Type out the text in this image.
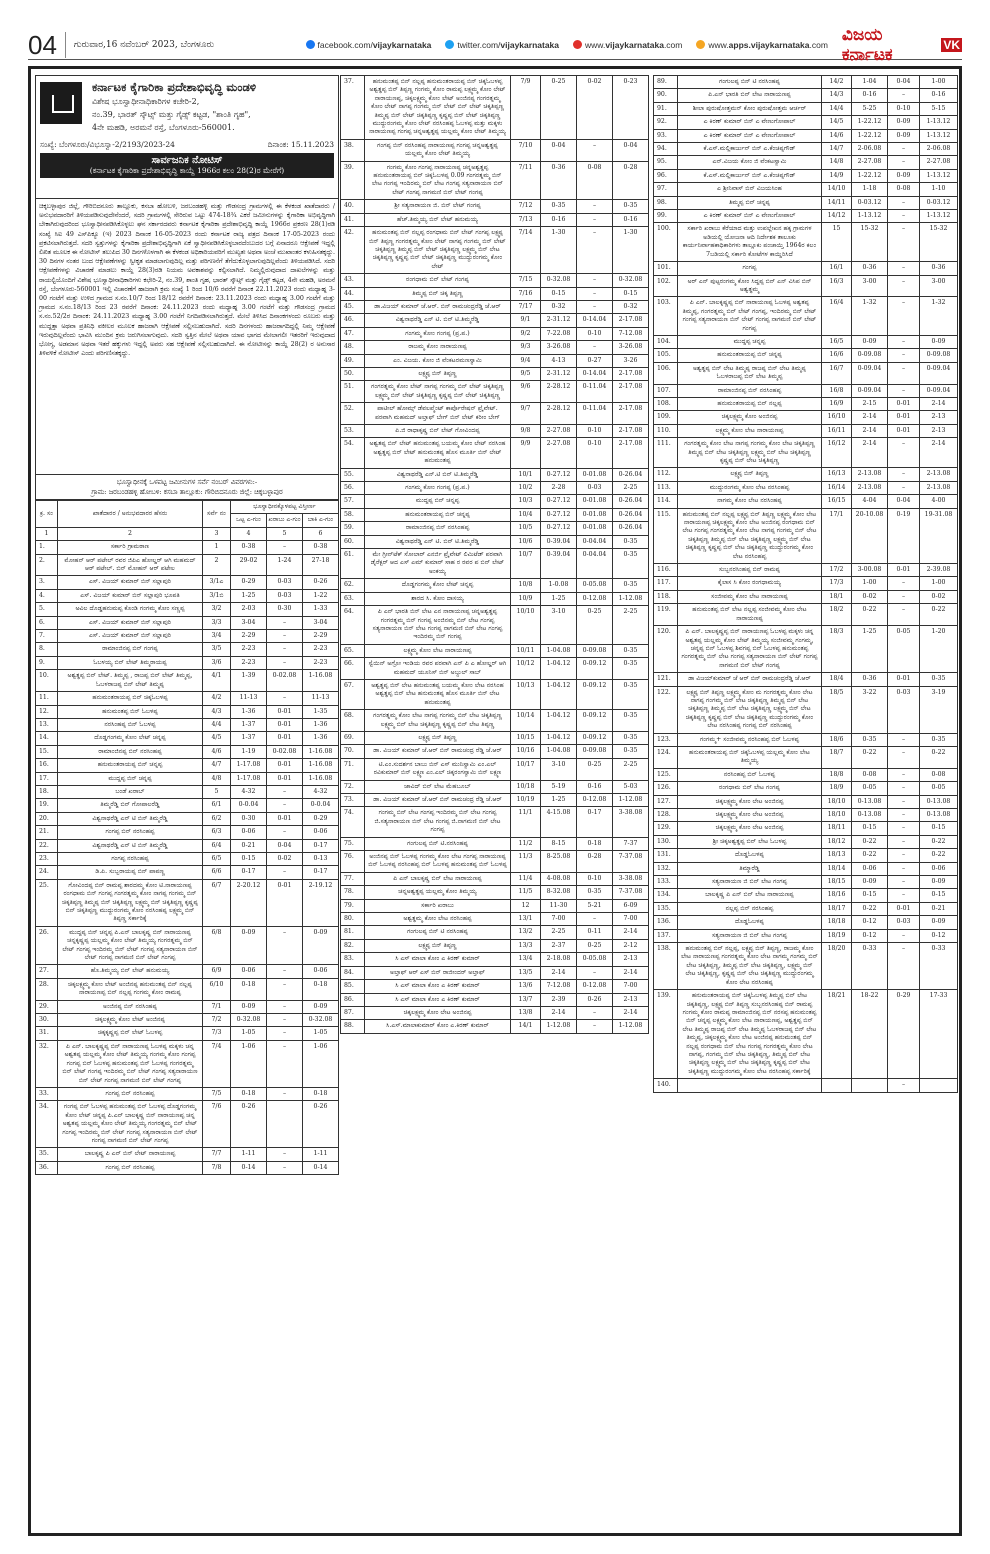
04	ಗುರುವಾರ,16 ನವೆಂಬರ್ 2023, ಬೆಂಗಳೂರು	facebook.com/ vijaykarnataka	twitter.com/ vijaykarnataka	www. vijaykarnataka .com	www. apps.vijaykarnataka .com ವಿಜಯ ಕರ್ನಾಟಕ	VK
ಕರ್ನಾಟಕ ಕೈಗಾರಿಕಾ ಪ್ರದೇಶಾಭಿವೃದ್ಧಿ ಮಂಡಳಿ
ವಿಶೇಷ ಭೂಸ್ವಾಧೀನಾಧಿಕಾರಿಗಳ ಕಚೇರಿ-2,
ನಂ.39, ಭಾರತ್ ಸ್ಕೌಟ್ಸ್ ಮತ್ತು ಗೈಡ್ಸ್ ಕಟ್ಟಡ, "ಶಾಂತಿ ಗೃಹ",
4ನೇ ಮಹಡಿ, ಅರಮನೆ ರಸ್ತೆ, ಬೆಂಗಳೂರು-560001.
ಸಂಖ್ಯೆ: ಬೆಂಗಳೂರು/ವಿಭೂಸ್ವಾ-2/2193/2023-24	ದಿನಾಂಕ: 15.11.2023
ಸಾರ್ವಜನಿಕ ನೋಟಿಸ್
(ಕರ್ನಾಟಕ ಕೈಗಾರಿಕಾ ಪ್ರದೇಶಾಭಿವೃದ್ಧಿ ಕಾಯ್ದೆ 1966ರ ಕಲಂ 28(2)ರ ಮೇರೆಗೆ)
ಚಿಕ್ಕಬಳ್ಳಾಪುರ ಜಿಲ್ಲೆ, ಗೌರಿಬಿದನೂರು ತಾಲ್ಲೂಕು, ಕಸಬಾ ಹೋಬಳಿ, ಜರಬಂಡಹಳ್ಳಿ ಮತ್ತು ಗೌಡಸಂದ್ರ ಗ್ರಾಮಗಳಲ್ಲಿ ಈ ಕೆಳಕಂಡ ಖಾತೆದಾರರು / ಅನುಭವದಾರರಿಗೆ ತಿಳಿಯಪಡಿಸುವುದೇನೆಂದರೆ, ಸದರಿ ಗ್ರಾಮಗಳಲ್ಲಿ ಸೇರಿರುವ ಒಟ್ಟು 474-18¾ ಎಕರೆ ಜಮೀನುಗಳನ್ನು ಕೈಗಾರಿಕಾ ಅಭಿವೃದ್ಧಿಗಾಗಿ ಬೇಕಾಗಿರುವುದರಿಂದ ಭೂಸ್ವಾಧೀನಪಡಿಸಿಕೊಳ್ಳಲು ಘನ ಸರ್ಕಾರದವರು ಕರ್ನಾಟಕ ಕೈಗಾರಿಕಾ ಪ್ರದೇಶಾಭಿವೃದ್ಧಿ ಕಾಯ್ದೆ 1966ರ ಪ್ರಕರಣ 28(1)ರಡಿ ಸಂಖ್ಯೆ ಸಿಐ 49 ಎಸ್‌ಪಿಕ್ಯೂ (ಇ) 2023 ದಿನಾಂಕ 16-05-2023 ರಂದು ಕರ್ನಾಟಕ ರಾಜ್ಯ ಪತ್ರದ ದಿನಾಂಕ 17-05-2023 ರಂದು ಪ್ರಕಟಿಸಲಾಗಿರುತ್ತದೆ. ಸದರಿ ಸ್ವತ್ತುಗಳನ್ನು ಕೈಗಾರಿಕಾ ಪ್ರದೇಶಾಭಿವೃದ್ಧಿಗಾಗಿ ಏಕೆ ಸ್ವಾಧೀನಪಡಿಸಿಕೊಳ್ಳಬಾರದೆಂಬುದರ ಬಗ್ಗೆ ಏನಾದರೂ ಆಕ್ಷೇಪಣೆ ಇದ್ದಲ್ಲಿ ಲಿಖಿತ ಮೂಲಕ ಈ ನೋಟೀಸ್ ತಲುಪಿದ 30 ದಿನಗಳೊಳಗಾಗಿ ಈ ಕೆಳಕಂಡ ಅಧಿಕಾರಿಯವರಿಗೆ ಮುಖ್ಯತಃ ಅಥವಾ ಅಂಚೆ ಮುಖಾಂತರ ಕಳುಹಿಸತಕ್ಕದ್ದು. 30 ದಿನಗಳ ನಂತರ ಬಂದ ಆಕ್ಷೇಪಣೆಗಳನ್ನು ಸ್ವೀಕೃತ ಮಾಡಲಾಗುವುದಿಲ್ಲ ಮತ್ತು ಪರಿಗಣನೆಗೆ ತೆಗೆದುಕೊಳ್ಳಲಾಗುವುದಿಲ್ಲವೆಂದು ತಿಳಿಯಪಡಿಸಿದೆ. ಸದರಿ ಆಕ್ಷೇಪಣೆಗಳನ್ನು ವಿಚಾರಣೆ ಮಾಡಲು ಕಾಯ್ದೆ 28(3)ರಡಿ ನಿಯಮ ಅವಕಾಶವನ್ನು ಕಲ್ಪಿಸಲಾಗಿದೆ. ನಿಮ್ಮಲ್ಲಿರುವುದಾದ ದಾಖಲೆಗಳನ್ನು ಮತ್ತು ರಾಯಲ್ಟಿಯೊಂದಿಗೆ ವಿಶೇಷ ಭೂಸ್ವಾಧೀನಾಧಿಕಾರಿಗಳು ಕಛೇರಿ-2, ನಂ.39, ಶಾಂತಿ ಗೃಹ, ಭಾರತ್ ಸ್ಕೌಟ್ಸ್ ಮತ್ತು ಗೈಡ್ಸ್ ಕಟ್ಟಡ, 4ನೇ ಮಹಡಿ, ಅರಮನೆ ರಸ್ತೆ, ಬೆಂಗಳೂರು-560001 ಇಲ್ಲಿ ವಿಚಾರಣೆಗೆ ಹಾಜರಾಗಿ ಕ್ರಮ ಸಂಖ್ಯೆ 1 ರಿಂದ 10/6 ರವರೆಗೆ ದಿನಾಂಕ 22.11.2023 ರಂದು ಮಧ್ಯಾಹ್ನ 3-00 ಗಂಟೆಗೆ ಮತ್ತು ಉಳಿದ ಗ್ರಾಮದ ಸ.ನಂ.10/7 ರಿಂದ 18/12 ರವರೆಗೆ ದಿನಾಂಕ: 23.11.2023 ರಂದು ಮಧ್ಯಾಹ್ನ 3.00 ಗಂಟೆಗೆ ಮತ್ತು ಗ್ರಾಮದ ಸ.ನಂ.18/13 ರಿಂದ 23 ರವರೆಗೆ ದಿನಾಂಕ: 24.11.2023 ರಂದು ಮಧ್ಯಾಹ್ನ 3.00 ಗಂಟೆಗೆ ಮತ್ತು ಗೌಡಸಂದ್ರ ಗ್ರಾಮದ ಸ.ನಂ.52/2ರ ದಿನಾಂಕ: 24.11.2023 ಮಧ್ಯಾಹ್ನ 3.00 ಗಂಟೆಗೆ ನಿಗದಿಪಡಿಸಲಾಗಿರುತ್ತದೆ. ಮೇಲೆ ತಿಳಿಸಿದ ದಿನಾಂಕಗಳಂದು ರೂಬರು ಮತ್ತು ಮುದ್ದತ್ತಾ ಅಥವಾ ಪ್ರತಿನಿಧಿ ವಕೀಲರ ಮೂಲಕ ಹಾಜರಾಗಿ ಆಕ್ಷೇಪಣೆ ಸಲ್ಲಿಸಬಹುದಾಗಿದೆ. ಸದರಿ ದಿನಗಳಂದು ಹಾಜರಾಗದಿದ್ದಲ್ಲಿ ನಿಮ್ಮ ಆಕ್ಷೇಪಣೆ ಇರುವುದಿಲ್ಲವೆಂದು ಭಾವಿಸಿ ಮುಂದಿನ ಕ್ರಮ ಜರುಗಿಸಲಾಗುವುದು. ಸದರಿ ಸ್ವತ್ತಿನ ಮೇಲೆ ಅಥವಾ ಯಾವ ಭಾಗದ ಮೇಲಾಗಲೀ ಇತರರಿಗೆ ಇರುವುದಾದ ಭೋಗ್ಯ, ಅಡಮಾನ ಅಥವಾ ಇತರೆ ಹಕ್ಕುಗಳು ಇದ್ದಲ್ಲಿ ಅವರು ಸಹ ಆಕ್ಷೇಪಣೆ ಸಲ್ಲಿಸಬಹುದಾಗಿದೆ. ಈ ನೋಟೀಸನ್ನು ಕಾಯ್ದೆ 28(2) ರ ಅನುಸಾರ ತಿಳಿವಳಿಕೆ ನೋಟೀಸ್ ಎಂದು ಪರಿಗಣಿಸತಕ್ಕದ್ದು.
ಭೂಸ್ವಾಧೀನಕ್ಕೆ ಒಳಪಟ್ಟ ಜಮೀನುಗಳ ಸರ್ವೆ ನಂಬರ್ ವಿವರಗಳು:-
ಗ್ರಾಮ: ಜರಬಂಡಹಳ್ಳಿ ಹೋಬಳಿ: ಕಸಬಾ ತಾಲ್ಲೂಕು: ಗೌರಿಬಿದನೂರು ಜಿಲ್ಲೆ: ಚಿಕ್ಕಬಳ್ಳಾಪುರ
ಕ್ರ. ಸಂ	ಖಾತೆದಾರರ / ಅನುಭವದಾರರ ಹೆಸರು	ಸರ್ವೆ ನಂ	ಭೂಸ್ವಾಧೀನಕ್ಕೊಳಪಟ್ಟ ವಿಸ್ತೀರ್ಣ		
			ಒಟ್ಟ ಎ-ಗುಂ	ಖರಾಬು ಎ-ಗುಂ	ಬಾಕಿ ಎ-ಗುಂ
1	2	3	4	5	6
1.	ಸರ್ಕಾರಿ ಗ್ರಾಮಠಾಣ	1	0-38	–	0-38
2.	ಮೋಹನ್ ಆರ್ ಪಟೇಲ್ ರವರ ಜಿಪಿಎ ಹೋಲ್ಡರ್ ಆಗಿ ಮಹಮದ್ ಆರ್ ಪಟೇಲ್. ಬಿನ್ ಮೋಹನ್ ಆರ್ ಪಟೇಲ	2	29-02	1-24	27-18
3.	ಎಸ್. ವಿಜಯ್ ಕುಮಾರ್ ಬಿನ್ ಸಲ್ಲಾಪುರಿ	3/1ಎ	0-29	0-03	0-26
4.	ಎಸ್. ವಿಜಯ್ ಕುಮಾರ್ ಬಿನ್ ಸಲ್ಲಾಪುರಿ ಭೂಪತಿ	3/1ಬಿ	1-25	0-03	1-22
5.	ಅವಿಲ ದೊಡ್ಡಹನುಮಪ್ಪ ಕೊಂಡಿ ಗಂಗಮ್ಮ ಕೋಂ ಸಣ್ಣಪ್ಪ	3/2	2-03	0-30	1-33
6.	ಎಸ್. ವಿಜಯ್ ಕುಮಾರ್ ಬಿನ್ ಸಲ್ಲಾಪುರಿ	3/3	3-04	–	3-04
7.	ಎಸ್. ವಿಜಯ್ ಕುಮಾರ್ ಬಿನ್ ಸಲ್ಲಾಪುರಿ	3/4	2-29	–	2-29
8.	ರಾಮಾಂಜಿನಪ್ಪ ಬಿನ್ ಗಂಗಪ್ಪ	3/5	2-23	–	2-23
9.	ಓಬಳಯ್ಯ ಬಿನ್ ಲೇಟ್ ತಿಮ್ಮರಾಯಪ್ಪ	3/6	2-23	–	2-23
10.	ಅಶ್ವತ್ಥಪ್ಪ ಬಿನ್ ಲೇಟ್. ತಿಮ್ಮಪ್ಪ , ರಾಜಪ್ಪ ಬಿನ್ ಲೇಟ್ ತಿಮ್ಮಪ್ಪ, ಓಬಳರಾಜಪ್ಪ ಬಿನ್ ಲೇಟ್ ತಿಮ್ಮಪ್ಪ	4/1	1-39	0-02.08	1-16.08
11.	ಹನುಮಂತರಾಯಪ್ಪ ಬಿನ್ ಚಿಕ್ಕಓಬಳಪ್ಪ	4/2	11-13	–	11-13
12.	ಹನುಮಂತಪ್ಪ ಬಿನ್ ಓಬಳಪ್ಪ	4/3	1-36	0-01	1-35
13.	ನರಸಿಂಹಪ್ಪ ಬಿನ್ ಓಬಳಪ್ಪ	4/4	1-37	0-01	1-36
14.	ದೊಡ್ಡಗಂಗಮ್ಮ ಕೋಂ ಲೇಟ್ ಚನ್ನಪ್ಪ	4/5	1-37	0-01	1-36
15.	ರಾಮಾಂಜಿನಪ್ಪ ಬಿನ್ ನರಸಿಂಹಪ್ಪ	4/6	1-19	0-02.08	1-16.08
16.	ಹನುಮಂತರಾಯಪ್ಪ ಬಿನ್ ಚನ್ನಪ್ಪ	4/7	1-17.08	0-01	1-16.08
17.	ಮುದ್ದಪ್ಪ ಬಿನ್ ಚನ್ನಪ್ಪ	4/8	1-17.08	0-01	1-16.08
18.	ಬಂಡೆ ಖರಾಬ್	5	4-32	–	4-32
19.	ತಿಮ್ಮರೆಡ್ಡಿ ಬಿನ್ ಗೋಪಾಲರೆಡ್ಡಿ	6/1	0-0.04	–	0-0.04
20.	ವಿಶ್ವನಾಥರೆಡ್ಡಿ ಎನ್ ಟಿ ಬಿನ್ ತಿಮ್ಮರೆಡ್ಡಿ	6/2	0-30	0-01	0-29
21.	ಗಂಗಪ್ಪ ಬಿನ್ ನರಸಿಂಹಪ್ಪ	6/3	0-06	–	0-06
22.	ವಿಶ್ವನಾಥರೆಡ್ಡಿ ಎನ್ ಟಿ ಬಿನ್ ತಿಮ್ಮರೆಡ್ಡಿ	6/4	0-21	0-04	0-17
23.	ಗಂಗಪ್ಪ ನರಸಿಂಹಪ್ಪ	6/5	0-15	0-02	0-13
24.	ಡಿ.ಪಿ. ಸುಬ್ಬರಾಯಪ್ಪ ಬಿನ್ ಪಾಪಣ್ಣ	6/6	0-17	–	0-17
25.	ಗೋವಿಂದಪ್ಪ ಬಿನ್ ರಾಮಪ್ಪ ಶಾರದಮ್ಮ ಕೋಂ ಟಿ.ನಾರಾಯಣಪ್ಪ ರಂಗಧಾಮ ಬಿನ್ ಗಂಗಪ್ಪ ಗಂಗರತ್ನಮ್ಮ ಕೋಂ ನಾಗಪ್ಪ ಗಂಗಮ್ಮ ಬಿನ್ ಚಿಕ್ಕತಿಪ್ಪಣ್ಣ ತಿಮ್ಮಪ್ಪ ಬಿನ್ ಚಿಕ್ಕತಿಪ್ಪಣ್ಣ ಲಕ್ಷ್ಮಮ್ಮ ಬಿನ್ ಚಿಕ್ಕತಿಪ್ಪಣ್ಣ ಕೃಷ್ಣಪ್ಪ ಬಿನ್ ಚಿಕ್ಕತಿಪ್ಪಣ್ಣ ಮುದ್ದುರಂಗಮ್ಮ ಕೋಂ ನರಸಿಂಹಪ್ಪ ಲಕ್ಷ್ಮಮ್ಮ ಬಿನ್ ತಿಪ್ಪಣ್ಣ ಸರ್ಕಾರಿಕ್ಕೆ	6/7	2-20.12	0-01	2-19.12
26.	ಮುದ್ದಪ್ಪ ಬಿನ್ ಚನ್ನಪ್ಪ ಪಿ.ಎನ್ ಬಾಲಕೃಷ್ಣ ಬಿನ್ ನಾರಾಯಣಪ್ಪ ಚನ್ನಕೃಷ್ಣಪ್ಪ ಯಲ್ಲಮ್ಮ ಕೋಂ ಲೇಟ್ ತಿಮ್ಮಯ್ಯ ಗಂಗರತ್ನಮ್ಮ ಬಿನ್ ಲೇಟ್ ಗಂಗಪ್ಪ ಇಂದಿರಮ್ಮ ಬಿನ್ ಲೇಟ್ ಗಂಗಪ್ಪ ಸತ್ಯನಾರಾಯಣ ಬಿನ್ ಲೇಟ್ ಗಂಗಪ್ಪ ನಾಗಮಣಿ ಬಿನ್ ಲೇಟ್ ಗಂಗಪ್ಪ	6/8	0-09	–	0-09
27.	ಹೊ.ತಿಮ್ಮಯ್ಯ ಬಿನ್ ಲೇಟ್ ಹನುಮಯ್ಯ	6/9	0-06	–	0-06
28.	ಚಿಕ್ಕಲಕ್ಷ್ಮಮ್ಮ ಕೋಂ ಲೇಟ್ ಅಂಜಿನಪ್ಪ ಹನುಮಂತಪ್ಪ ಬಿನ್ ನಲ್ಲಪ್ಪ ನಾರಾಯಣಪ್ಪ ಬಿನ್ ನಲ್ಲಪ್ಪ ಗಂಗಮ್ಮ ಕೋಂ ರಾಮಪ್ಪ	6/10	0-18	–	0-18
29.	ಅಂಜಿನಪ್ಪ ಬಿನ್ ನರಸಿಂಹಪ್ಪ	7/1	0-09	–	0-09
30.	ಚಿಕ್ಕಲಕ್ಷ್ಮಮ್ಮ ಕೋಂ ಲೇಟ್ ಅಂಜಿನಪ್ಪ	7/2	0-32.08	–	0-32.08
31.	ಚಿಕ್ಕಕೃಷ್ಣಪ್ಪ ಬಿನ್ ಲೇಟ್ ಓಬಳಪ್ಪ	7/3	1-05	–	1-05
32.	ಪಿ ಎನ್. ಬಾಲಕೃಷ್ಣಪ್ಪ ಬಿನ್ ನಾರಾಯಣಪ್ಪ ಓಬಳಪ್ಪ ಮಕ್ಕಳು ಚನ್ನ ಅಶ್ವತಪ್ಪ ಯಲ್ಲಮ್ಮ ಕೋಂ ಲೇಟ್ ತಿಮ್ಮಯ್ಯ ಗಂಗಮ್ಮ ಕೋಂ ಗಂಗಪ್ಪ ಗಂಗಪ್ಪ ಬಿನ್ ಓಬಳಪ್ಪ ಹನುಮಂತಪ್ಪ ಬಿನ್ ಓಬಳಪ್ಪ ಗಂಗರತ್ನಮ್ಮ ಬಿನ್ ಲೇಟ್ ಗಂಗಪ್ಪ ಇಂದಿರಮ್ಮ ಬಿನ್ ಲೇಟ್ ಗಂಗಪ್ಪ ಸತ್ಯನಾರಾಯಣ ಬಿನ್ ಲೇಟ್ ಗಂಗಪ್ಪ ನಾಗಮಣಿ ಬಿನ್ ಲೇಟ್ ಗಂಗಪ್ಪ	7/4	1-06	–	1-06
33.	ಗಂಗಪ್ಪ ಬಿನ್ ನರಸಿಂಹಪ್ಪ	7/5	0-18	–	0-18
34.	ಗಂಗಪ್ಪ ಬಿನ್ ಓಬಳಪ್ಪ ಹನುಮಂತಪ್ಪ ಬಿನ್ ಓಬಳಪ್ಪ ದೊಡ್ಡಗಂಗಮ್ಮ ಕೋಂ ಲೇಟ್ ಚನ್ನಪ್ಪ ಪಿ.ಎನ್ ಬಾಲಕೃಷ್ಣ ಬಿನ್ ನಾರಾಯಣಪ್ಪ ಚನ್ನ ಅಶ್ವತಪ್ಪ ಯಲ್ಲಮ್ಮ ಕೋಂ ಲೇಟ್ ತಿಮ್ಮಯ್ಯ ಗಂಗರತ್ನಮ್ಮ ಬಿನ್ ಲೇಟ್ ಗಂಗಪ್ಪ ಇಂದಿರಮ್ಮ ಬಿನ್ ಲೇಟ್ ಗಂಗಪ್ಪ ಸತ್ಯನಾರಾಯಣ ಬಿನ್ ಲೇಟ್ ಗಂಗಪ್ಪ ನಾಗಮಣಿ ಬಿನ್ ಲೇಟ್ ಗಂಗಪ್ಪ	7/6	0-26		0-26
35.	ಬಾಲಕೃಷ್ಣ ಪಿ ಎನ್ ಬಿನ್ ಲೇಟ್ ನಾರಾಯಣಪ್ಪ	7/7	1-11	–	1-11
36.	ಗಂಗಪ್ಪ ಬಿನ್ ನರಸಿಂಹಪ್ಪ	7/8	0-14	–	0-14
37.	ಹನುಮಂತಪ್ಪ ಬಿನ್ ನಲ್ಲಪ್ಪ ಹನುಮಂತರಾಯಪ್ಪ ಬಿನ್ ಚಿಕ್ಕಓಬಳಪ್ಪ ಅಶ್ವತ್ಥಪ್ಪ ಬಿನ್ ತಿಪ್ಪಣ್ಣ ಗಂಗಮ್ಮ ಕೋಂ ರಾಮಪ್ಪ ಲಕ್ಷ್ಮಮ್ಮ ಕೋಂ ಲೇಟ್ ನಾರಾಯಣಪ್ಪ, ಚಿಕ್ಕಲಕ್ಷ್ಮಮ್ಮ ಕೋಂ ಲೇಟ್ ಅಂಜಿನಪ್ಪ ಗಂಗರತ್ನಮ್ಮ ಕೋಂ ಲೇಟ್ ನಾಗಪ್ಪ ಗಂಗಮ್ಮ ಬಿನ್ ಲೇಟ್ ಬಿನ್ ಲೇಟ್ ಚಿಕ್ಕತಿಪ್ಪಣ್ಣ ತಿಮ್ಮಪ್ಪ ಬಿನ್ ಲೇಟ್ ಚಿಕ್ಕತಿಪ್ಪಣ್ಣ ಕೃಷ್ಣಪ್ಪ ಬಿನ್ ಲೇಟ್ ಚಿಕ್ಕತಿಪ್ಪಣ್ಣ ಮುದ್ದುರಂಗಮ್ಮ ಕೋಂ ಲೇಟ್ ನರಸಿಂಹಪ್ಪ ಓಬಳಪ್ಪ ಮತ್ತು ಮಕ್ಕಳು ನಾರಾಯಣಪ್ಪ ಗಂಗಪ್ಪ ಚನ್ನಅಶ್ವತ್ಥಪ್ಪ ಯಲ್ಲಮ್ಮ ಕೋಂ ಲೇಟ್ ತಿಮ್ಮಯ್ಯ	7/9	0-25	0-02	0-23
38.	ಗಂಗಪ್ಪ ಬಿನ್ ನರಸಿಂಹಪ್ಪ ನಾರಾಯಣಪ್ಪ ಗಂಗಪ್ಪ ಚನ್ನಅಶ್ವತ್ಥಪ್ಪ ಯಲ್ಲಮ್ಮ ಕೋಂ ಲೇಟ್ ತಿಮ್ಮಯ್ಯ	7/10	0-04	–	0-04
39.	ಗಂಗಮ್ಮ ಕೋಂ ಗಂಗಪ್ಪ ನಾರಾಯಣಪ್ಪ ಚನ್ನಅಶ್ವತ್ಥಪ್ಪ ಹನುಮಂತರಾಯಪ್ಪ ಬಿನ್ ಚಿಕ್ಕಓಬಳಪ್ಪ 0.09 ಗಂಗರತ್ನಮ್ಮ ಬಿನ್ ಲೇಟ ಗಂಗಪ್ಪ ಇಂದಿರಮ್ಮ ಬಿನ್ ಲೇಟ ಗಂಗಪ್ಪ ಸತ್ಯನಾರಾಯಣ ಬಿನ್ ಲೇಟ್ ಗಂಗಪ್ಪ ನಾಗಮಣಿ ಬಿನ್ ಲೇಟ್ ಗಂಗಪ್ಪ	7/11	0-36	0-08	0-28
40.	ಶ್ರೀ ಸತ್ಯನಾರಾಯಣ ಜಿ. ಬಿನ್ ಲೇಟ್ ಗಂಗಪ್ಪ	7/12	0-35	–	0-35
41.	ಹೆಚ್.ತಿಮ್ಮಯ್ಯ ಬಿನ್ ಲೇಟ್ ಹನುಮಯ್ಯ	7/13	0-16	–	0-16
42.	ಹನುಮಂತಪ್ಪ ಬಿನ್ ನಲ್ಲಪ್ಪ ರಂಗಧಾಮ ಬಿನ್ ಲೇಟ್ ಗಂಗಪ್ಪ ಲಕ್ಷ್ಮಪ್ಪ ಬಿನ್ ತಿಪ್ಪಣ್ಣ ಗಂಗರತ್ನಮ್ಮ ಕೋಂ ಲೇಟ್ ನಾಗಪ್ಪ ಗಂಗಮ್ಮ ಬಿನ್ ಲೇಟ್ ಚಿಕ್ಕತಿಪ್ಪಣ್ಣ ತಿಮ್ಮಪ್ಪ ಬಿನ್ ಲೇಟ್ ಚಿಕ್ಕತಿಪ್ಪಣ್ಣ ಲಕ್ಷ್ಮಮ್ಮ ಬಿನ್ ಲೇಟ ಚಿಕ್ಕತಿಪ್ಪಣ್ಣ ಕೃಷ್ಣಪ್ಪ ಬಿನ್ ಲೇಟ್ ಚಿಕ್ಕತಿಪ್ಪಣ್ಣ ಮುದ್ದುರಂಗಮ್ಮ ಕೋಂ ಲೇಟ್	7/14	1-30	–	1-30
43.	ರಂಗಧಾಮ ಬಿನ್ ಲೇಟ್ ಗಂಗಪ್ಪ	7/15	0-32.08	–	0-32.08
44.	ತಿಮ್ಮಪ್ಪ ಬಿನ್ ಚಿಕ್ಕ ತಿಪ್ಪಣ್ಣ	7/16	0-15	–	0-15
45.	ಡಾ.ವಿಜಯ್ ಕುಮಾರ್ ಜೆ.ಆರ್. ಬಿನ್ ರಾಮಚಂದ್ರರೆಡ್ಡಿ ಜೆ.ಆರ್	7/17	0-32	–	0-32
46.	ವಿಶ್ವನಾಥರೆಡ್ಡಿ ಎನ್ ಟಿ. ಬಿನ್ ಟಿ.ತಿಮ್ಮರೆಡ್ಡಿ	9/1	2-31.12	0-14.04	2-17.08
47.	ಗಂಗಮ್ಮ ಕೋಂ ಗಂಗಪ್ಪ (ಪ್ರ.ಪ.)	9/2	7-22.08	0-10	7-12.08
48.	ರಾಜಮ್ಮ ಕೋಂ ನಾರಾಯಣಪ್ಪ	9/3	3-26.08	–	3-26.08
49.	ಎಂ. ವಿಜಯ. ಕೋಂ ಜಿ ವೆಂಕಟರಮಣಸ್ವಾಮಿ	9/4	4-13	0-27	3-26
50.	ಲಕ್ಷ್ಮಪ್ಪ ಬಿನ್ ತಿಪ್ಪಣ್ಣ	9/5	2-31.12	0-14.04	2-17.08
51.	ಗಂಗರತ್ನಮ್ಮ ಕೋಂ ಲೇಟ್ ನಾಗಪ್ಪ ಗಂಗಮ್ಮ ಬಿನ್ ಲೇಟ್ ಚಿಕ್ಕತಿಪ್ಪಣ್ಣ ಲಕ್ಷ್ಮಮ್ಮ ಬಿನ್ ಲೇಟ್ ಚಿಕ್ಕತಿಪ್ಪಣ್ಣ ಕೃಷ್ಣಪ್ಪ ಬಿನ್ ಲೇಟ್ ಚಿಕ್ಕತಿಪ್ಪಣ್ಣ	9/6	2-28.12	0-11.04	2-17.08
52.	ಪಾಟೀಲ್ ಹೋಮ್ಸ್ ಡೆವಲಪ್ಮೆಂಟ್ ಕಾರ್ಪೊರೇಷನ್ ಪ್ರೈವೇಟ್. ಪರವಾಗಿ ಮಹಮದ್ ಅಲ್ತಾಫ್ ಬೇಗ್ ಬಿನ್ ಲೇಟ್ ಕರೀಂ ಬೇಗ್	9/7	2-28.12	0-11.04	2-17.08
53.	ಪಿ.ಜಿ ರಾಧಾಕೃಷ್ಣ ಬಿನ್ ಲೇಟ್ ಗೋವಿಂದಪ್ಪ	9/8	2-27.08	0-10	2-17.08
54.	ಅಶ್ವತಪ್ಪ ಬಿನ್ ಲೇಟ್ ಹನುಮಂತಪ್ಪ ಬಯಮ್ಮ ಕೋಂ ಲೇಟ್ ನರಸಿಂಹ ಅಶ್ವತ್ಥಪ್ಪ ಬಿನ್ ಲೇಟ್ ಹನುಮಂತಪ್ಪ ಹೊಸ ಮೂರ್ತಿ ಬಿನ್ ಲೇಟ್ ಹನುಮಂತಪ್ಪ	9/9	2-27.08	0-10	2-17.08
55.	ವಿಶ್ವನಾಥರೆಡ್ಡಿ ಎನ್.ಟಿ ಬಿನ್ ಟಿ.ತಿಮ್ಮರೆಡ್ಡಿ	10/1	0-27.12	0-01.08	0-26.04
56.	ಗಂಗಮ್ಮ ಕೋಂ ಗಂಗಪ್ಪ (ಪ್ರ.ಪ.)	10/2	2-28	0-03	2-25
57.	ಮುದ್ದಪ್ಪ ಬಿನ್ ಚನ್ನಪ್ಪ	10/3	0-27.12	0-01.08	0-26.04
58.	ಹನುಮಂತರಾಯಪ್ಪ ಬಿನ್ ಚನ್ನಪ್ಪ	10/4	0-27.12	0-01.08	0-26.04
59.	ರಾಮಾಂಜಿನಪ್ಪ ಬಿನ್ ನರಸಿಂಹಪ್ಪ	10/5	0-27.12	0-01.08	0-26.04
60.	ವಿಶ್ವನಾಥರೆಡ್ಡಿ ಎನ್ ಟಿ. ಬಿನ್ ಟಿ.ತಿಮ್ಮರೆಡ್ಡಿ	10/6	0-39.04	0-04.04	0-35
61.	ಮೇ ಗ್ರೀನ್‌ಟೆಕ್ ಸೋಲಾರ್ ಎನರ್ಜಿ ಪ್ರೈವೇಟ್ ಲಿಮಿಟೆಡ್ ಪರವಾಗಿ ಡೈರೆಕ್ಟರ್ ಆದ ಎಸ್ ಎಮ್ ಕುಮಾರ್ ಸಾಹ ರ ರವರ ಪ ಬಿನ್ ಲೇಟ್ ಅಂಕಯ್ಯ	10/7	0-39.04	0-04.04	0-35
62.	ದೊಡ್ಡಗಂಗಮ್ಮ ಕೋಂ ಲೇಟ್ ಚನ್ನಪ್ಪ	10/8	1-0.08	0-05.08	0-35
63.	ಶಾರದ ಸಿ. ಕೋಂ ದಾಸಯ್ಯ	10/9	1-25	0-12.08	1-12.08
64.	ಪಿ ಎನ್ ಭಾರತಿ ಬಿನ್ ಲೇಟ ಎನ ನಾರಾಯಣಪ್ಪ ಚನ್ನಅಶ್ವತ್ಥಪ್ಪ ಗಂಗರತ್ನಮ್ಮ ಬಿನ್ ಗಂಗಪ್ಪ ಅಂಜಿನಮ್ಮ ಬಿನ್ ಲೇಟ ಗಂಗಪ್ಪ ಸತ್ಯನಾರಾಯಣ ಬಿನ್ ಲೇಟ ಗಂಗಪ್ಪ ನಾಗಮಣಿ ಬಿನ್ ಲೇಟ ಗಂಗಪ್ಪ ಇಂದಿರಮ್ಮ ಬಿನ್ ಗಂಗಪ್ಪ	10/10	3-10	0-25	2-25
65.	ಲಕ್ಷ್ಮಮ್ಮ ಕೋಂ ಲೇಟ ನಾರಾಯಣಪ್ಪ	10/11	1-04.08	0-09.08	0-35
66.	ಸ್ವೆಯಿನ್ ಅಗ್ರೋ ಇಂಡಿಯ ರವರ ಪರವಾಗಿ ಎನ್ ಪಿ ಎ ಹೋಲ್ಡರ್ ಆಗಿ ಮಹಮದ್ ಯೂನಿಸ್ ಬಿನ್ ಅಬ್ದುಲ್ ಸಾಬ್	10/12	1-04.12	0-09.12	0-35
67.	ಅಶ್ವತ್ಥಪ್ಪ ಬಿನ್ ಲೇಟ ಹನುಮಂತಪ್ಪ ಬಯಮ್ಮ ಕೋಂ ಲೇಟ ನರಸಿಂಹ ಅಶ್ವತ್ಥಪ್ಪ ಬಿನ್ ಲೇಟ ಹನುಮಂತಪ್ಪ ಹೊಸ ಮೂರ್ತಿ ಬಿನ್ ಲೇಟ ಹನುಮಂತಪ್ಪ	10/13	1-04.12	0-09.12	0-35
68.	ಗಂಗರತ್ನಮ್ಮ ಕೋಂ ಲೇಟ ನಾಗಪ್ಪ ಗಂಗಮ್ಮ ಬಿನ್ ಲೇಟ ಚಿಕ್ಕತಿಪ್ಪಣ್ಣ ಲಕ್ಷ್ಮಮ್ಮ ಬಿನ್ ಲೇಟ ಚಿಕ್ಕತಿಪ್ಪಣ್ಣ ಕೃಷ್ಣಪ್ಪ ಬಿನ್ ಲೇಟ ತಿಪ್ಪಣ್ಣ	10/14	1-04.12	0-09.12	0-35
69.	ಲಕ್ಷ್ಮಪ್ಪ ಬಿನ್ ತಿಪ್ಪಣ್ಣ	10/15	1-04.12	0-09.12	0-35
70.	ಡಾ. ವಿಜಯ್ ಕುಮಾರ್ ಜೆ.ಆರ್ ಬಿನ್ ರಾಮಚಂದ್ರ ರೆಡ್ಡಿ ಜೆ.ಆರ್	10/16	1-04.08	0-09.08	0-35
71.	ಟಿ.ಎಂ.ಸುದರ್ಶನ ಬಾಬು ಬಿನ್ ಎಸ್ ಮುನಿಸ್ವಾಮಿ ಎಂ.ಎಲ್ ರವಿಕುಮಾರ್ ಬಿನ್ ಲಕ್ಷ್ಮಣ ಎಂ.ಎಲ್ ಚಿಕ್ಕರಂಗಸ್ವಾಮಿ ಬಿನ್ ಲಕ್ಷ್ಮಣ	10/17	3-10	0-25	2-25
72.	ಜಾವಿದ್ ಬಿನ್ ಲೇಟ ಮೆಹಬೂಬ್	10/18	5-19	0-16	5-03
73.	ಡಾ. ವಿಜಯ್ ಕುಮಾರ್ ಜೆ.ಆರ್ ಬಿನ್ ರಾಮಚಂದ್ರ ರೆಡ್ಡಿ ಜೆ.ಆರ್	10/19	1-25	0-12.08	1-12.08
74.	ಗಂಗಮ್ಮ ಬಿನ್ ಲೇಟ ಗಂಗಪ್ಪ ಇಂದಿರಮ್ಮ ಬಿನ್ ಲೇಟ ಗಂಗಪ್ಪ ಜಿ.ಸತ್ಯನಾರಾಯಣ ಬಿನ್ ಲೇಟ ಗಂಗಪ್ಪ ಜಿ.ನಾಗಮಣಿ ಬಿನ್ ಲೇಟ ಗಂಗಪ್ಪ	11/1	4-15.08	0-17	3-38.08
75.	ಗಂಗುಲಪ್ಪ ಬಿನ್ ಟಿ.ನರಸಿಂಹಪ್ಪ	11/2	8-15	0-18	7-37
76.	ಅಂಜಿನಪ್ಪ ಬಿನ್ ಓಬಳಪ್ಪ ಗಂಗಮ್ಮ ಕೋಂ ಲೇಟ ಗಂಗಪ್ಪ ನಾರಾಯಣಪ್ಪ ಬಿನ್ ಓಬಳಪ್ಪ ನರಸಿಂಹಪ್ಪ ಬಿನ್ ಓಬಳಪ್ಪ ಹನುಮಂತಪ್ಪ ಬಿನ್ ಓಬಳಪ್ಪ	11/3	8-25.08	0-28	7-37.08
77.	ಪಿ ಎನ್ ಬಾಲಕೃಷ್ಣ ಬಿನ್ ಲೇಟ ನಾರಾಯಣಪ್ಪ	11/4	4-08.08	0-10	3-38.08
78.	ಚನ್ನಅಶ್ವತ್ಥಪ್ಪ ಯಲ್ಲಮ್ಮ ಕೋಂ ತಿಮ್ಮಯ್ಯ	11/5	8-32.08	0-35	7-37.08
79.	ಸರ್ಕಾರಿ ಖರಾಬು	12	11-30	5-21	6-09
80.	ಅಶ್ವತ್ಥಮ್ಮ ಕೋಂ ಲೇಟ ನರಸಿಂಹಪ್ಪ	13/1	7-00	–	7-00
81.	ಗಂಗುಲಪ್ಪ ಬಿನ್ ಟಿ ನರಸಿಂಹಪ್ಪ	13/2	2-25	0-11	2-14
82.	ಲಕ್ಷ್ಮಪ್ಪ ಬಿನ್ ತಿಪ್ಪಣ್ಣ	13/3	2-37	0-25	2-12
83.	ಸಿ ಎಸ್ ಮಾಲಾ ಕೋಂ ಎ ಕಿರಣ್ ಕುಮಾರ್	13/4	2-18.08	0-05.08	2-13
84.	ಅಲ್ತಾಫ್ ಆರ್ ಎಸ್ ಬಿನ್ ರಾಜೀಂದರ್ ಅಲ್ತಾಫ್	13/5	2-14	–	2-14
85.	ಸಿ ಎಸ್ ಮಾಲಾ ಕೋಂ ಎ ಕಿರಣ್ ಕುಮಾರ್	13/6	7-12.08	0-12.08	7-00
86.	ಸಿ ಎಸ್ ಮಾಲಾ ಕೋಂ ಎ ಕಿರಣ್ ಕುಮಾರ್	13/7	2-39	0-26	2-13
87.	ಚಿಕ್ಕಲಕ್ಷ್ಮಮ್ಮ ಕೋಂ ಲೇಟ ಅಂಜಿನಪ್ಪ	13/8	2-14	–	2-14
88.	ಸಿ.ಎಸ್.ಮಾಲಾಕುಮಾರ್ ಕೋಂ ಎ.ಕಿರಣ್ ಕುಮಾರ್	14/1	1-12.08	–	1-12.08
89.	ಗಂಗುಲಪ್ಪ ಬಿನ್ ಟಿ ನರಸಿಂಹಪ್ಪ	14/2	1-04	0-04	1-00
90.	ಪಿ.ಎನ್ ಭಾರತಿ ಬಿನ್ ಲೇಟ ನಾರಾಯಣಪ್ಪ	14/3	0-16	–	0-16
91.	ಶೀಲಾ ಪುರುಷೋತ್ತಮನ್ ಕೋಂ ಪುರುಷೋತ್ತಮ ಆರ್ಚರ್	14/4	5-25	0-10	5-15
92.	ಎ ಕಿರಣ್ ಕುಮಾರ್ ಬಿನ್ ಎ ವೇಣುಗೋಪಾಲ್	14/5	1-22.12	0-09	1-13.12
93.	ಎ ಕಿರಣ್ ಕುಮಾರ್ ಬಿನ್ ಎ ವೇಣುಗೋಪಾಲ್	14/6	1-22.12	0-09	1-13.12
94.	ಕೆ.ಎಸ್.ಮಲ್ಲಿಕಾರ್ಜುನ್ ಬಿನ್ ಎ.ಕೆಂಚಪ್ಪಗೌಡ್	14/7	2-06.08	–	2-06.08
95.	ಎನ್.ವಿಜಯ ಕೋಂ ಜಿ ವೆಂಕಟಸ್ವಾಮಿ	14/8	2-27.08	–	2-27.08
96.	ಕೆ.ಎಸ್.ಮಲ್ಲಿಕಾರ್ಜುನ್ ಬಿನ್ ಎ.ಕೆಂಚಪ್ಪಗೌಡ್	14/9	1-22.12	0-09	1-13.12
97.	ಎ ಶ್ರೀನಿವಾಸ್ ಬಿನ್ ವಿಜಯಸಿಂಹ	14/10	1-18	0-08	1-10
98.	ತಿಮ್ಮಪ್ಪ ಬಿನ್ ಚನ್ನಪ್ಪ	14/11	0-03.12	–	0-03.12
99.	ಎ ಕಿರಣ್ ಕುಮಾರ್ ಬಿನ್ ಎ ವೇಣುಗೋಪಾಲ್	14/12	1-13.12	–	1-13.12
100.	ಸರ್ಕಾರಿ ಖರಾಬು ಕೆರೆಯಾದ ಮತ್ತು ಉಪಲ್ಲೇಖನ ಹಕ್ಕ ಗ್ರಾಮಗಳ ಅಡಿಯಲ್ಲಿ ಯೋಜನಾ ಆದಿ ನಿರ್ದೇಶಕ ತಾಲೂಕು ಕಾರ್ಯನಿರ್ವಾಹಕಾಧಿಕಾರಿಗಳು ತಾಲ್ಲೂಕು ಪಂಚಾಯ್ತಿ 1964ರ ಕಲಂ 7ಬಡಿಯಲ್ಲಿ ಸರ್ಕಾರಿ ಕೋಟೆಗಳ ಕಾಯ್ದಿರಿಸಿದೆ	15	15-32	–	15-32
101.	ಗಂಗಪ್ಪ	16/1	0-36	–	0-36
102.	ಅರ್ ಎನ್ ಪುಟ್ಟರಂಗಮ್ಮ ಕೋಂ ಸಿದ್ದಪ್ಪ ಬಿನ್ ಎನ್ ವಿಸಿಪ ಬಿನ್ ಅಶ್ವತ್ಥಮ್ಮ	16/3	3-00	–	3-00
103.	ಪಿ ಎನ್. ಬಾಲಕೃಷ್ಣಪ್ಪ ಬಿನ್ ನಾರಾಯಣಪ್ಪ ಓಬಳಪ್ಪ ಅಶ್ವತಪ್ಪ ತಿಮ್ಮಪ್ಪ, ಗಂಗರತ್ನಮ್ಮ ಬಿನ್ ಲೇಟ್ ಗಂಗಪ್ಪ, ಇಂದಿರಮ್ಮ ಬಿನ್ ಲೇಟ್ ಗಂಗಪ್ಪ ಸತ್ಯನಾರಾಯಣ ಬಿನ್ ಲೇಟ್ ಗಂಗಪ್ಪ ನಾಗಮಣಿ ಬಿನ್ ಲೇಟ್ ಗಂಗಪ್ಪ	16/4	1-32	–	1-32
104.	ಮುದ್ದಪ್ಪ ಚನ್ನಪ್ಪ	16/5	0-09	–	0-09
105.	ಹನುಮಂತರಾಯಪ್ಪ ಬಿನ್ ಚನ್ನಪ್ಪ	16/6	0-09.08	–	0-09.08
106.	ಅಶ್ವತ್ಥಪ್ಪ ಬಿನ್ ಲೇಟ ತಿಮ್ಮಪ್ಪ ರಾಜಪ್ಪ ಬಿನ್ ಲೇಟ ತಿಮ್ಮಪ್ಪ ಓಬಳರಾಜಪ್ಪ ಬಿನ್ ಲೇಟ ತಿಮ್ಮಪ್ಪ	16/7	0-09.04	–	0-09.04
107.	ರಾಮಾಂಜಿನಪ್ಪ ಬಿನ್ ನರಸಿಂಹಪ್ಪ	16/8	0-09.04	–	0-09.04
108.	ಹನುಮಂತರಾಯಪ್ಪ ಬಿನ್ ನಲ್ಲಪ್ಪ	16/9	2-15	0-01	2-14
109.	ಚಿಕ್ಕಲಕ್ಷ್ಮಮ್ಮ ಕೋಂ ಅಂಜಿನಪ್ಪ	16/10	2-14	0-01	2-13
110.	ಲಕ್ಷ್ಮಮ್ಮ ಕೋಂ ಲೇಟ ನಾರಾಯಣಪ್ಪ	16/11	2-14	0-01	2-13
111.	ಗಂಗರತ್ನಮ್ಮ ಕೋಂ ಲೇಟ ನಾಗಪ್ಪ ಗಂಗಮ್ಮ ಕೋಂ ಲೇಟ ಚಿಕ್ಕತಿಪ್ಪಣ್ಣ ತಿಮ್ಮಪ್ಪ ಬಿನ್ ಲೇಟ ಚಿಕ್ಕತಿಪ್ಪಣ್ಣ ಲಕ್ಷ್ಮಮ್ಮ ಬಿನ್ ಲೇಟ ಚಿಕ್ಕತಿಪ್ಪಣ್ಣ ಕೃಷ್ಣಪ್ಪ ಬಿನ್ ಲೇಟ ಚಿಕ್ಕತಿಪ್ಪಣ್ಣ	16/12	2-14	–	2-14
112.	ಲಕ್ಷ್ಮಪ್ಪ ಬಿನ್ ತಿಪ್ಪಣ್ಣ	16/13	2-13.08	–	2-13.08
113.	ಮುದ್ದುರಂಗಮ್ಮ ಕೋಂ ಲೇಟ ನರಸಿಂಹಪ್ಪ	16/14	2-13.08	–	2-13.08
114.	ನಾಗಮ್ಮ ಕೋಂ ಲೇಟ ನರಸಿಂಹಪ್ಪ	16/15	4-04	0-04	4-00
115.	ಹನುಮಂತಪ್ಪ ಬಿನ್ ನಲ್ಲಪ್ಪ ಲಕ್ಷ್ಮಪ್ಪ ಬಿನ್ ತಿಪ್ಪಣ್ಣ ಲಕ್ಷ್ಮಮ್ಮ ಕೋಂ ಲೇಟ ನಾರಾಯಣಪ್ಪ ಚಿಕ್ಕಲಕ್ಷ್ಮಮ್ಮ ಕೋಂ ಲೇಟ ಅಂಜಿನಪ್ಪ ರಂಗಧಾಮ ಬಿನ್ ಲೇಟ ಗಂಗಪ್ಪ ಗಂಗರತ್ನಮ್ಮ ಕೋಂ ಲೇಟ ನಾಗಪ್ಪ ಗಂಗಮ್ಮ ಬಿನ್ ಲೇಟ ಚಿಕ್ಕತಿಪ್ಪಣ್ಣ ತಿಮ್ಮಪ್ಪ ಬಿನ್ ಲೇಟ ಚಿಕ್ಕತಿಪ್ಪಣ್ಣ ಲಕ್ಷ್ಮಮ್ಮ ಬಿನ್ ಲೇಟ ಚಿಕ್ಕತಿಪ್ಪಣ್ಣ ಕೃಷ್ಣಪ್ಪ ಬಿನ್ ಲೇಟ ಚಿಕ್ಕತಿಪ್ಪಣ್ಣ ಮುದ್ದುರಂಗಮ್ಮ ಕೋಂ ಲೇಟ ನರಸಿಂಹಪ್ಪ	17/1	20-10.08	0-19	19-31.08
116.	ಸುಬ್ಬನರಸಿಂಹಪ್ಪ ಬಿನ್ ರಾಮಪ್ಪ	17/2	3-00.08	0-01	2-39.08
117.	ಕೈಲಾಸ ಸಿ ಕೋಂ ರಂಗಧಾಮಯ್ಯ	17/3	1-00	–	1-00
118.	ಸಂಜೀವಮ್ಮ ಕೋಂ ಲೇಟ ನಾರಾಯಣಪ್ಪ	18/1	0-02	–	0-02
119.	ಹನುಮಂತಪ್ಪ ಬಿನ್ ಲೇಟ ನಲ್ಲಪ್ಪ ಸಂಜೀವಮ್ಮ ಕೋಂ ಲೇಟ ನಾರಾಯಣಪ್ಪ	18/2	0-22	–	0-22
120.	ಪಿ ಎನ್. ಬಾಲಕೃಷ್ಣಪ್ಪ ಬಿನ್ ನಾರಾಯಣಪ್ಪ ಓಬಳಪ್ಪ ಮಕ್ಕಳು ಚನ್ನ ಅಶ್ವತಪ್ಪ ಯಲ್ಲಮ್ಮ ಕೋಂ ಲೇಟ್ ತಿಮ್ಮಯ್ಯ ಸಂಜೀವಮ್ಮ ಗಂಗಮ್ಮ, ಚನ್ನಪ್ಪ ಬಿನ್ ಓಬಳಪ್ಪ ಶಿವಗಪ್ಪ ಬಿನ್ ಓಬಳಪ್ಪ ಹನುಮಂತಪ್ಪ ಗಂಗರತ್ನಮ್ಮ ಬಿನ್ ಲೇಟ ಗಂಗಪ್ಪ ಸತ್ಯನಾರಾಯಣ ಬಿನ್ ಲೇಟ್ ಗಂಗಪ್ಪ ನಾಗಮಣಿ ಬಿನ್ ಲೇಟ್ ಗಂಗಪ್ಪ	18/3	1-25	0-05	1-20
121.	ಡಾ ವಿಜಯ್‌ಕುಮಾರ್ ಜೆ ಆರ್ ಬಿನ್ ರಾಮಚಂದ್ರರೆಡ್ಡಿ ಜೆ.ಆರ್	18/4	0-36	0-01	0-35
122.	ಲಕ್ಷ್ಮಪ್ಪ ಬಿನ್ ತಿಪ್ಪಣ್ಣ ಲಕ್ಷ್ಮಮ್ಮ ಕೋಂ ಮ ಗಂಗರತ್ನಮ್ಮ ಕೋಂ ಲೇಟ ನಾಗಪ್ಪ ಗಂಗಮ್ಮ ಬಿನ್ ಲೇಟ ಚಿಕ್ಕತಿಪ್ಪಣ್ಣ ತಿಮ್ಮಪ್ಪ ಬಿನ್ ಲೇಟ ಚಿಕ್ಕತಿಪ್ಪಣ್ಣ ತಿಮ್ಮಪ್ಪ ಬಿನ್ ಲೇಟ ಚಿಕ್ಕತಿಪ್ಪಣ್ಣ ಲಕ್ಷ್ಮಮ್ಮ ಬಿನ್ ಲೇಟ ಚಿಕ್ಕತಿಪ್ಪಣ್ಣ ಕೃಷ್ಣಪ್ಪ ಬಿನ್ ಲೇಟ ಚಿಕ್ಕತಿಪ್ಪಣ್ಣ ಮುದ್ದುರಂಗಮ್ಮ ಕೋಂ ಲೇಟ ನರಸಿಂಹಪ್ಪ ಗಂಗಪ್ಪ ಬಿನ್ ನರಸಿಂಹಪ್ಪ	18/5	3-22	0-03	3-19
123.	ಗಂಗಮ್ಮ+ ಸಂಜೀವಮ್ಮ ನರಸಿಂಹಪ್ಪ ಬಿನ್ ಓಬಳಪ್ಪ	18/6	0-35	–	0-35
124.	ಹನುಮಂತರಾಯಪ್ಪ ಬಿನ್ ಚಿಕ್ಕಓಬಳಪ್ಪ ಯಲ್ಲಮ್ಮ ಕೋಂ ಲೇಟ ತಿಮ್ಮಯ್ಯ	18/7	0-22	–	0-22
125.	ನರಸಿಂಹಪ್ಪ ಬಿನ್ ಓಬಳಪ್ಪ	18/8	0-08	–	0-08
126.	ರಂಗಧಾಮ ಬಿನ್ ಲೇಟ ಗಂಗಪ್ಪ	18/9	0-05	–	0-05
127.	ಚಿಕ್ಕಲಕ್ಷ್ಮಮ್ಮ ಕೋಂ ಲೇಟ ಅಂಜಿನಪ್ಪ	18/10	0-13.08	–	0-13.08
128.	ಚಿಕ್ಕಲಕ್ಷ್ಮಮ್ಮ ಕೋಂ ಲೇಟ ಅಂಜಿನಪ್ಪ	18/10	0-13.08	–	0-13.08
129.	ಚಿಕ್ಕಲಕ್ಷ್ಮಮ್ಮ ಕೋಂ ಲೇಟ ಅಂಜಿನಪ್ಪ	18/11	0-15	–	0-15
130.	ಶ್ರೀ ಚಿಕ್ಕಅಶ್ವತ್ಥಪ್ಪ ಬಿನ್ ಲೇಟ ಓಬಳಪ್ಪ	18/12	0-22	–	0-22
131.	ದೊಡ್ಡಓಬಳಪ್ಪ	18/13	0-22	–	0-22
132.	ತಿಮ್ಮಾರೆಡ್ಡಿ	18/14	0-06	–	0-06
133.	ಸತ್ಯನಾರಾಯಣ ಜಿ ಬಿನ್ ಲೇಟ ಗಂಗಪ್ಪ	18/15	0-09	–	0-09
134.	ಬಾಲಕೃಷ್ಣ ಪಿ ಎನ್ ಬಿನ್ ಲೇಟ ನಾರಾಯಣಪ್ಪ	18/16	0-15	–	0-15
135.	ನಲ್ಲಪ್ಪ ಬಿನ್ ನರಸಿಂಹಪ್ಪ	18/17	0-22	0-01	0-21
136.	ದೊಡ್ಡಓಬಳಪ್ಪ	18/18	0-12	0-03	0-09
137.	ಸತ್ಯನಾರಾಯಣ ಜಿ ಬಿನ್ ಲೇಟ ಗಂಗಪ್ಪ	18/19	0-12	–	0-12
138.	ಹನುಮಂತಪ್ಪ ಬಿನ್ ನಲ್ಲಪ್ಪ, ಲಕ್ಷ್ಮಪ್ಪ ಬಿನ್ ತಿಪ್ಪಣ್ಣ, ರಾಜಮ್ಮ ಕೋಂ ಲೇಟ ನಾರಾಯಣಪ್ಪ ಗಂಗರತ್ನಮ್ಮ ಕೋಂ ಲೇಟ ನಾಗಮ್ಮ ಗಂಗಮ್ಮ ಬಿನ್ ಲೇಟ ಚಿಕ್ಕತಿಪ್ಪಣ್ಣ, ತಿಮ್ಮಪ್ಪ ಬಿನ್ ಲೇಟ ಚಿಕ್ಕತಿಪ್ಪಣ್ಣ, ಲಕ್ಷ್ಮಮ್ಮ ಬಿನ್ ಲೇಟ ಚಿಕ್ಕತಿಪ್ಪಣ್ಣ, ಕೃಷ್ಣಪ್ಪ ಬಿನ್ ಲೇಟ ಚಿಕ್ಕತಿಪ್ಪಣ್ಣ ಮುದ್ದುರಂಗಮ್ಮ ಕೋಂ ಲೇಟ ನರಸಿಂಹಪ್ಪ	18/20	0-33	–	0-33
139.	ಹನುಮಂತರಾಯಪ್ಪ ಬಿನ್ ಚಿಕ್ಕಓಬಳಪ್ಪ ತಿಮ್ಮಪ್ಪ ಬಿನ್ ಲೇಟ ಚಿಕ್ಕತಿಪ್ಪಣ್ಣ, ಲಕ್ಷ್ಮಪ್ಪ ಬಿನ್ ತಿಪ್ಪಣ್ಣ ಸುಬ್ಬನರಸಿಂಹಪ್ಪ ಬಿನ್ ರಾಮಪ್ಪ ಗಂಗಮ್ಮ ಕೋಂ ರಾಮಪ್ಪ ರಾಮಾಂಜಿನಪ್ಪ ಬಿನ್ ನರಸಪ್ಪ ಹನುಮಂತಪ್ಪ ಬಿನ್ ಚನ್ನಪ್ಪ ಲಕ್ಷ್ಮಮ್ಮ ಕೋಂ ಲೇಟ ನಾರಾಯಣಪ್ಪ, ಅಶ್ವತ್ಥಪ್ಪ ಬಿನ್ ಲೇಟ ತಿಮ್ಮಪ್ಪ ರಾಜಪ್ಪ ಬಿನ್ ಲೇಟ ತಿಮ್ಮಪ್ಪ ಓಬಳರಾಜಪ್ಪ ಬಿನ್ ಲೇಟ ತಿಮ್ಮಪ್ಪ, ಚಿಕ್ಕಲಕ್ಷ್ಮಮ್ಮ ಕೋಂ ಲೇಟ ಅಂಜಿನಪ್ಪ ಹನುಮಂತಪ್ಪ ಬಿನ್ ನಲ್ಲಪ್ಪ ರಂಗಧಾಮ ಬಿನ್ ಲೇಟ ಗಂಗಪ್ಪ ಗಂಗರತ್ನಮ್ಮ ಕೋಂ ಲೇಟ ನಾಗಪ್ಪ, ಗಂಗಮ್ಮ ಬಿನ್ ಲೇಟ ಚಿಕ್ಕತಿಪ್ಪಣ್ಣ, ತಿಮ್ಮಪ್ಪ ಬಿನ್ ಲೇಟ ಚಿಕ್ಕತಿಪ್ಪಣ್ಣ ಲಕ್ಷ್ಮಮ್ಮ ಬಿನ್ ಲೇಟ ಚಿಕ್ಕತಿಪ್ಪಣ್ಣ ಕೃಷ್ಣಪ್ಪ ಬಿನ್ ಲೇಟ ಚಿಕ್ಕತಿಪ್ಪಣ್ಣ ಮುದ್ದುರಂಗಮ್ಮ ಕೋಂ ಲೇಟ ನರಸಿಂಹಪ್ಪ ಸರ್ಕಾರಿಕ್ಕೆ	18/21	18-22	0-29	17-33
140.				–	
